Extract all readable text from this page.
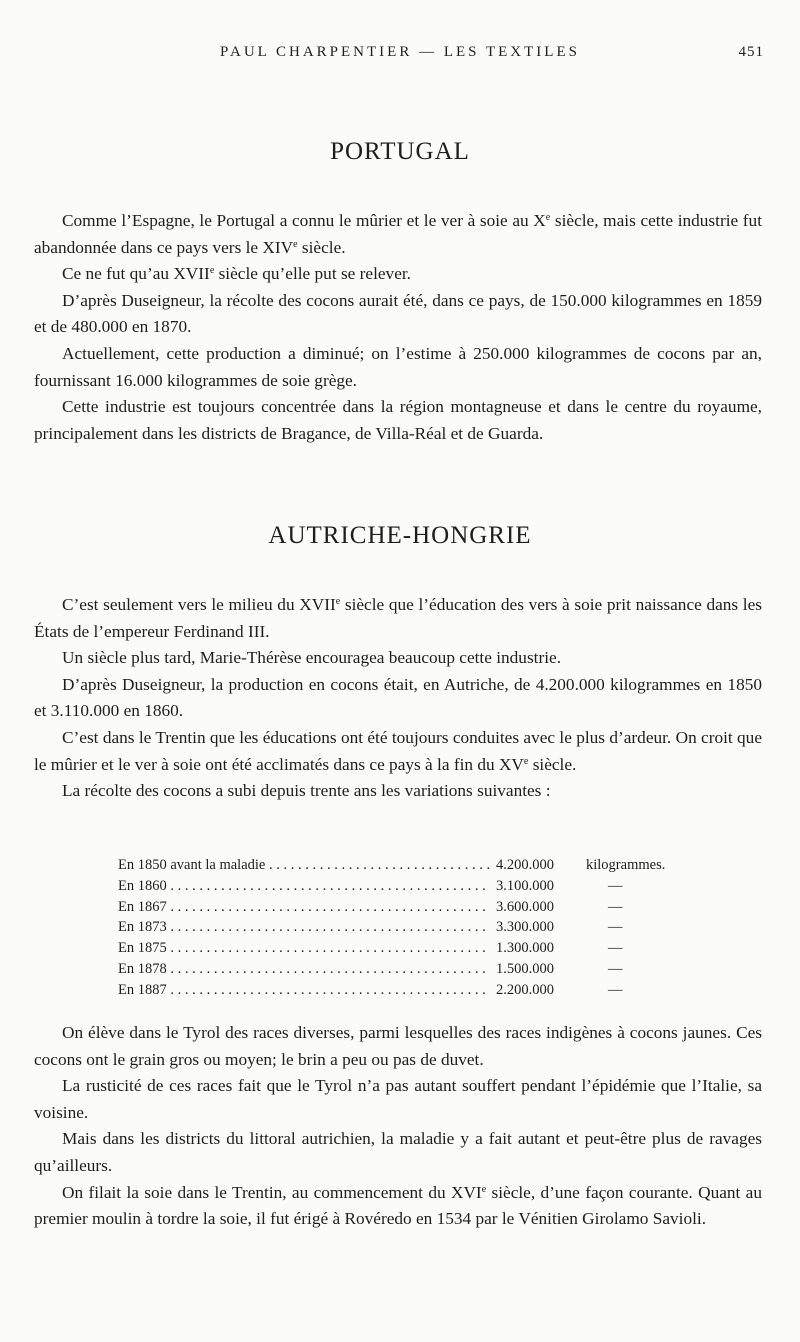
PAUL CHARPENTIER — LES TEXTILES	451
PORTUGAL

Comme l’Espagne, le Portugal a connu le mûrier et le ver à soie au Xe siècle, mais cette industrie fut abandonnée dans ce pays vers le XIVe siècle.

Ce ne fut qu’au XVIIe siècle qu’elle put se relever.

D’après Duseigneur, la récolte des cocons aurait été, dans ce pays, de 150.000 kilogrammes en 1859 et de 480.000 en 1870.

Actuellement, cette production a diminué; on l’estime à 250.000 kilogrammes de cocons par an, fournissant 16.000 kilogrammes de soie grège.

Cette industrie est toujours concentrée dans la région montagneuse et dans le centre du royaume, principalement dans les districts de Bragance, de Villa-Réal et de Guarda.

AUTRICHE-HONGRIE

C’est seulement vers le milieu du XVIIe siècle que l’éducation des vers à soie prit naissance dans les États de l’empereur Ferdinand III.

Un siècle plus tard, Marie-Thérèse encouragea beaucoup cette industrie.

D’après Duseigneur, la production en cocons était, en Autriche, de 4.200.000 kilogrammes en 1850 et 3.110.000 en 1860.

C’est dans le Trentin que les éducations ont été toujours conduites avec le plus d’ardeur. On croit que le mûrier et le ver à soie ont été acclimatés dans ce pays à la fin du XVe siècle.

La récolte des cocons a subi depuis trente ans les variations suivantes :

En 1850 avant la maladie . . .	4.200.000 kilogrammes.
En 1860 . . .	3.100.000	—
En 1867 . . .	3.600.000	—
En 1873 . . .	3.300.000	—
En 1875 . . .	1.300.000	—
En 1878 . . .	1.500.000	—
En 1887 . . .	2.200.000	—

On élève dans le Tyrol des races diverses, parmi lesquelles des races indigènes à cocons jaunes. Ces cocons ont le grain gros ou moyen; le brin a peu ou pas de duvet.

La rusticité de ces races fait que le Tyrol n’a pas autant souffert pendant l’épidémie que l’Italie, sa voisine.

Mais dans les districts du littoral autrichien, la maladie y a fait autant et peut-être plus de ravages qu’ailleurs.

On filait la soie dans le Trentin, au commencement du XVIe siècle, d’une façon courante. Quant au premier moulin à tordre la soie, il fut érigé à Rovéredo en 1534 par le Vénitien Girolamo Savioli.
